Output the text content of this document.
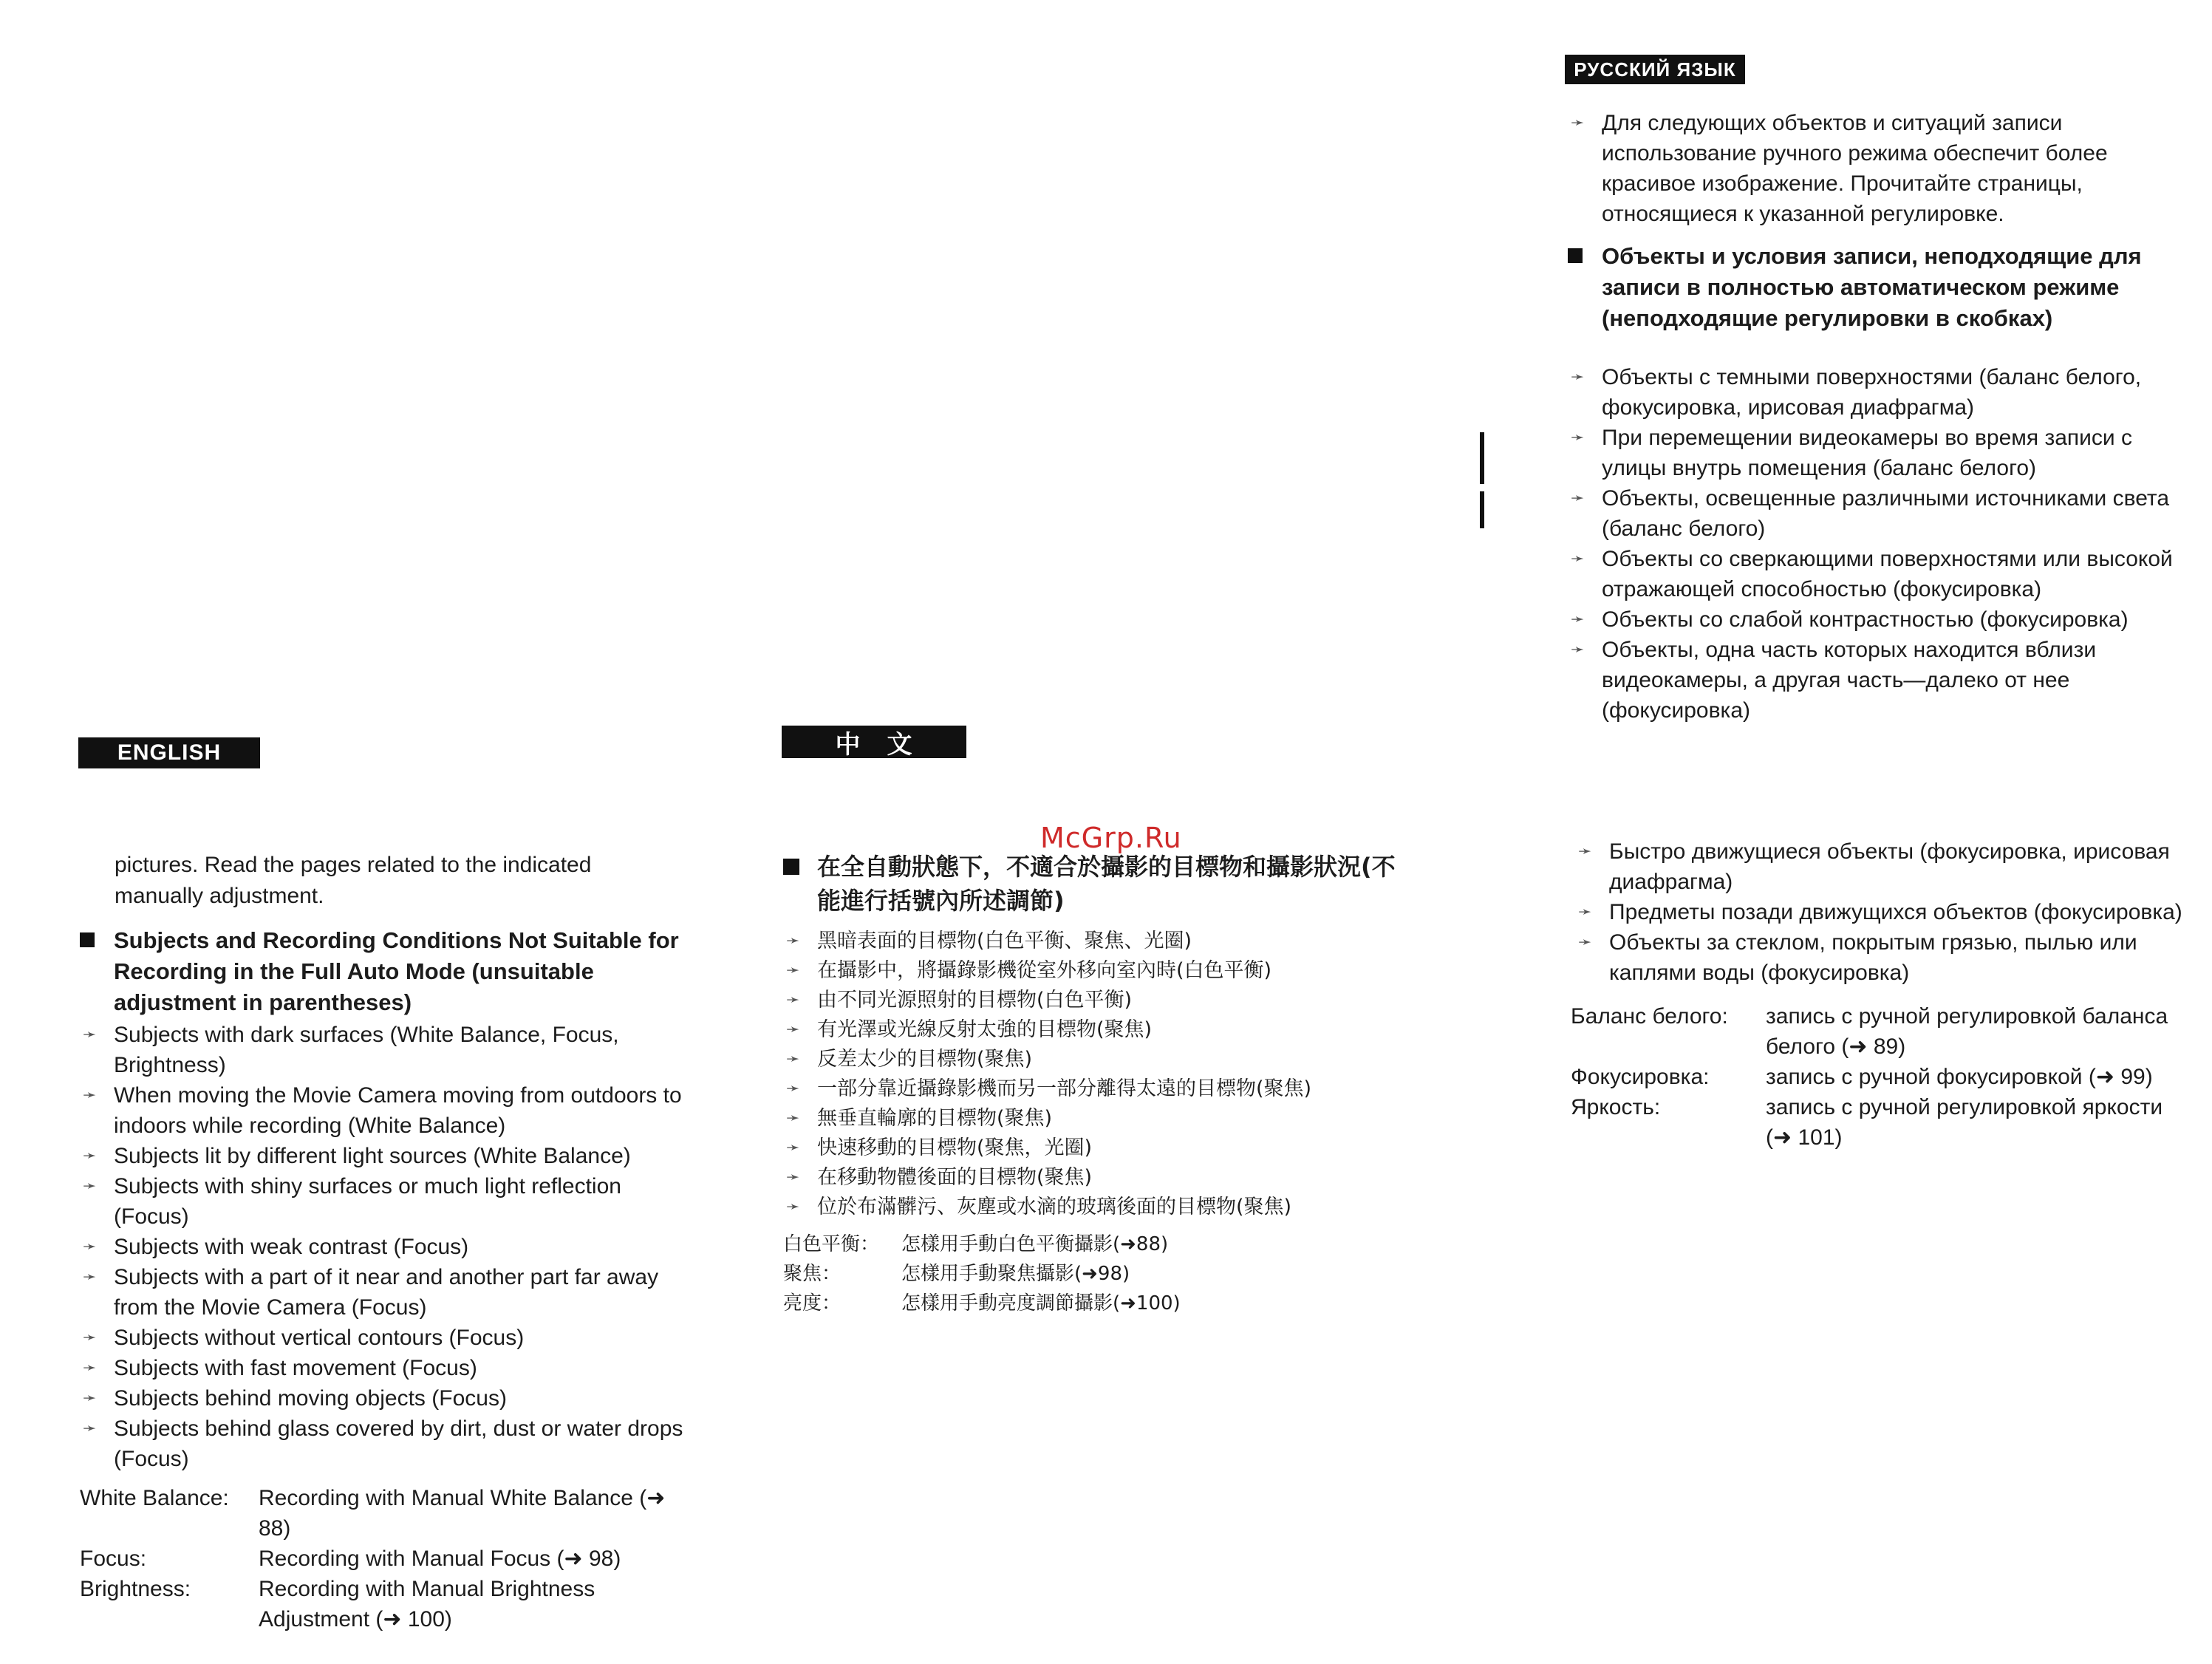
McGrp.Ru
ENGLISH

pictures. Read the pages related to the indicated

manually adjustment.

Subjects and Recording Conditions Not Suitable for Recording in the Full Auto Mode (unsuitable adjustment in parentheses)

➛ Subjects with dark surfaces (White Balance, Focus, Brightness)
➛ When moving the Movie Camera moving from outdoors to indoors while recording (White Balance)
➛ Subjects lit by different light sources (White Balance)
➛ Subjects with shiny surfaces or much light reflection (Focus)
➛ Subjects with weak contrast (Focus)
➛ Subjects with a part of it near and another part far away from the Movie Camera (Focus)
➛ Subjects without vertical contours (Focus)
➛ Subjects with fast movement (Focus)
➛ Subjects behind moving objects (Focus)
➛ Subjects behind glass covered by dirt, dust or water drops (Focus)
White Balance:	Recording with Manual White Balance (➜ 88)
Focus:	Recording with Manual Focus (➜ 98)
Brightness:	Recording with Manual Brightness Adjustment (➜ 100)
中　文

在全自動狀態下，不適合於攝影的目標物和攝影狀況(不能進行括號內所述調節)

➛ 黑暗表面的目標物(白色平衡、聚焦、光圈)
➛ 在攝影中，將攝錄影機從室外移向室內時(白色平衡)
➛ 由不同光源照射的目標物(白色平衡)
➛ 有光澤或光線反射太強的目標物(聚焦)
➛ 反差太少的目標物(聚焦)
➛ 一部分靠近攝錄影機而另一部分離得太遠的目標物(聚焦)
➛ 無垂直輪廓的目標物(聚焦)
➛ 快速移動的目標物(聚焦，光圈)
➛ 在移動物體後面的目標物(聚焦)
➛ 位於布滿髒污、灰塵或水滴的玻璃後面的目標物(聚焦)
白色平衡：	怎樣用手動白色平衡攝影(➜88)
聚焦：	怎樣用手動聚焦攝影(➜98)
亮度：	怎樣用手動亮度調節攝影(➜100)
РУССКИЙ ЯЗЫК
➛ Для следующих объектов и ситуаций записи использование ручного режима обеспечит более красивое изображение. Прочитайте страницы, относящиеся к указанной регулировке.

Объекты и условия записи, неподходящие для записи в полностью автоматическом режиме (неподходящие регулировки в скобках)

➛ Объекты с темными поверхностями (баланс белого, фокусировка, ирисовая диафрагма)
➛ При перемещении видеокамеры во время записи с улицы внутрь помещения (баланс белого)
➛ Объекты, освещенные различными источниками света (баланс белого)
➛ Объекты со сверкающими поверхностями или высокой отражающей способностью (фокусировка)
➛ Объекты со слабой контрастностью (фокусировка)
➛ Объекты, одна часть которых находится вблизи видеокамеры, а другая часть—далеко от нее (фокусировка)
➛ Быстро движущиеся объекты (фокусировка, ирисовая диафрагма)
➛ Предметы позади движущихся объектов (фокусировка)
➛ Объекты за стеклом, покрытым грязью, пылью или каплями воды (фокусировка)
Баланс белого:	запись с ручной регулировкой баланса белого (➜ 89)
Фокусировка:	запись с ручной фокусировкой (➜ 99)
Яркость:	запись с ручной регулировкой яркости (➜ 101)
